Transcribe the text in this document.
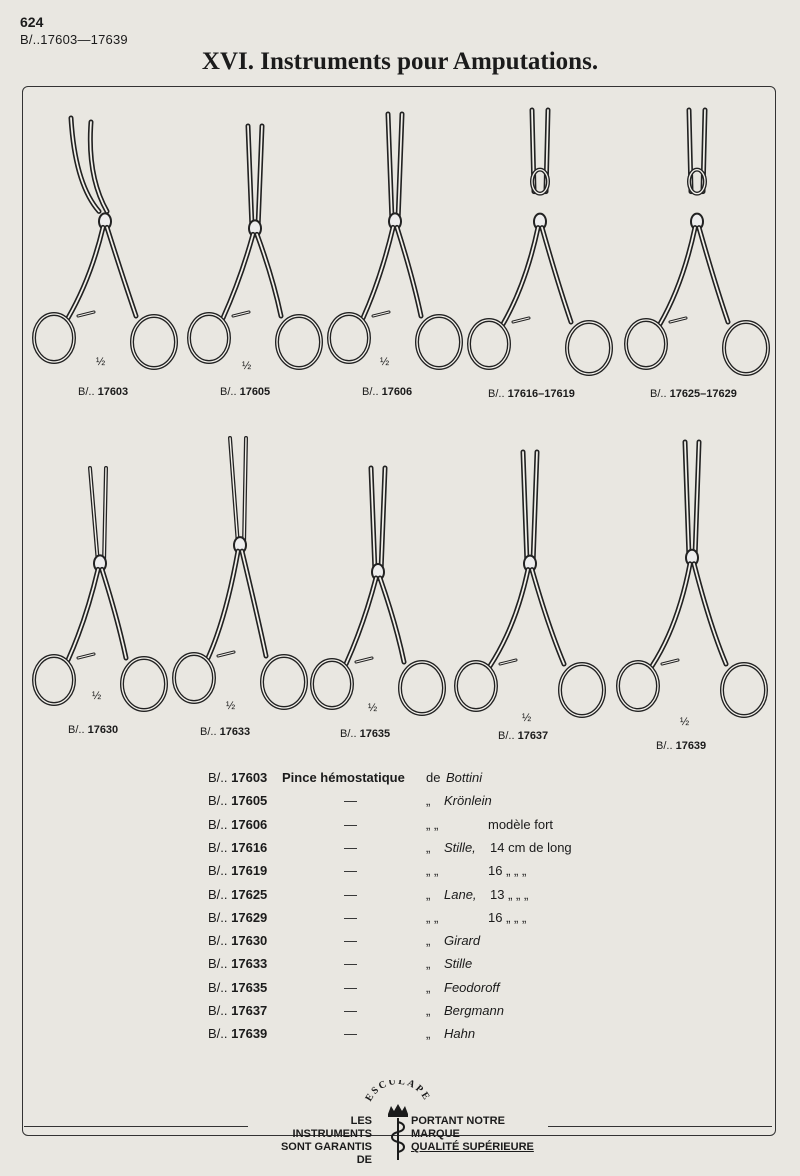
624
B/..17603—17639
XVI. Instruments pour Amputations.
B/.. 17603
½
B/.. 17605
½
B/.. 17606
½
B/.. 17616–17619	B/.. 17625–17629
B/.. 17630
½
B/.. 17633
½
B/.. 17635
½
B/.. 17637
½
B/.. 17639
½
B/.. 17603 Pince hémostatique de Bottini
B/.. 17605	—	„ Krönlein
B/.. 17606	—	„ „	modèle fort
B/.. 17616	—	„ Stille, 14 cm de long
B/.. 17619	—	„ „	16 „ „ „
B/.. 17625	—	„ Lane, 13 „ „ „
B/.. 17629	—	„ „	16 „ „ „
B/.. 17630	—	„ Girard
B/.. 17633	—	„ Stille
B/.. 17635	—	„ Feodoroff
B/.. 17637	—	„ Bergmann
B/.. 17639	—	„ Hahn
LES INSTRUMENTS
SONT GARANTIS DE
PORTANT NOTRE MARQUE
QUALITÉ SUPÉRIEURE
ESCULAPE
